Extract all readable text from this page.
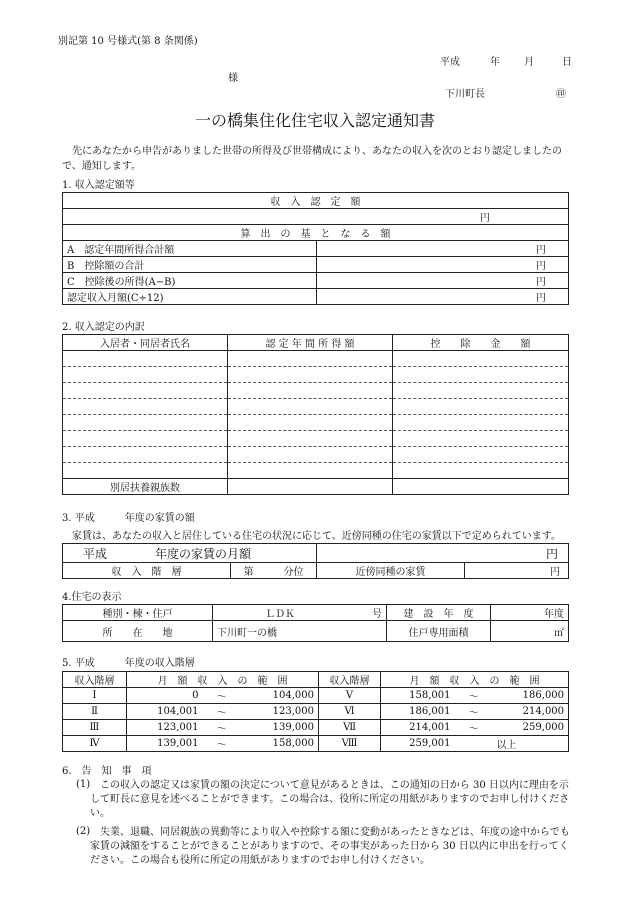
別記第 10 号様式(第 8 条関係)
平成	年 月	日
様
下川町長	㊞
一の橋集住化住宅収入認定通知書
先にあなたから申告がありました世帯の所得及び世帯構成により、あなたの収入を次のとおり認定しましたの
で、通知します。
1. 収入認定額等
収　入　認　定　額	
円	
算　出　の　基　と　な　る　額	
A　認定年間所得合計額	円
B　控除額の合計	円
C　控除後の所得(A−B)	円
認定収入月額(C÷12)	円
2. 収入認定の内訳
入居者・同居者氏名	認 定 年 間 所 得 額	控　　除　　金　　額

別居扶養親族数		
3. 平成　　　年度の家賃の額
家賃は、あなたの収入と居住している住宅の状況に応じて、近傍同種の住宅の家賃以下で定められています。
平成　　　　年度の家賃の月額		円	
収　入　階　層	第　　　分位	近傍同種の家賃	円
4.住宅の表示
種別・棟・住戸	ＬＤＫ 号	建　設　年　度	年度
所　　在　　地	下川町一の橋	住戸専用面積	㎡
5. 平成　　　年度の収入階層
収入階層	月　額　収　入　の　範　囲			収入階層	月　額　収　入　の　範　囲		
Ⅰ	0	〜	104,000	Ⅴ	158,001	〜	186,000
Ⅱ	104,001	〜	123,000	Ⅵ	186,001	〜	214,000
Ⅲ	123,001	〜	139,000	Ⅶ	214,001	〜	259,000
Ⅳ	139,001	〜	158,000	Ⅷ	259,001		以上
6.　告　知　事　項
(1) この収入の認定又は家賃の額の決定について意見があるときは、この通知の日から 30 日以内に理由を示
して町長に意見を述べることができます。この場合は、役所に所定の用紙がありますのでお申し付けくださ
い。
(2) 失業、退職、同居親族の異動等により収入や控除する額に変動があったときなどは、年度の途中からでも
家賃の減額をすることができることがありますので、その事実があった日から 30 日以内に申出を行ってく
ださい。この場合も役所に所定の用紙がありますのでお申し付けください。
